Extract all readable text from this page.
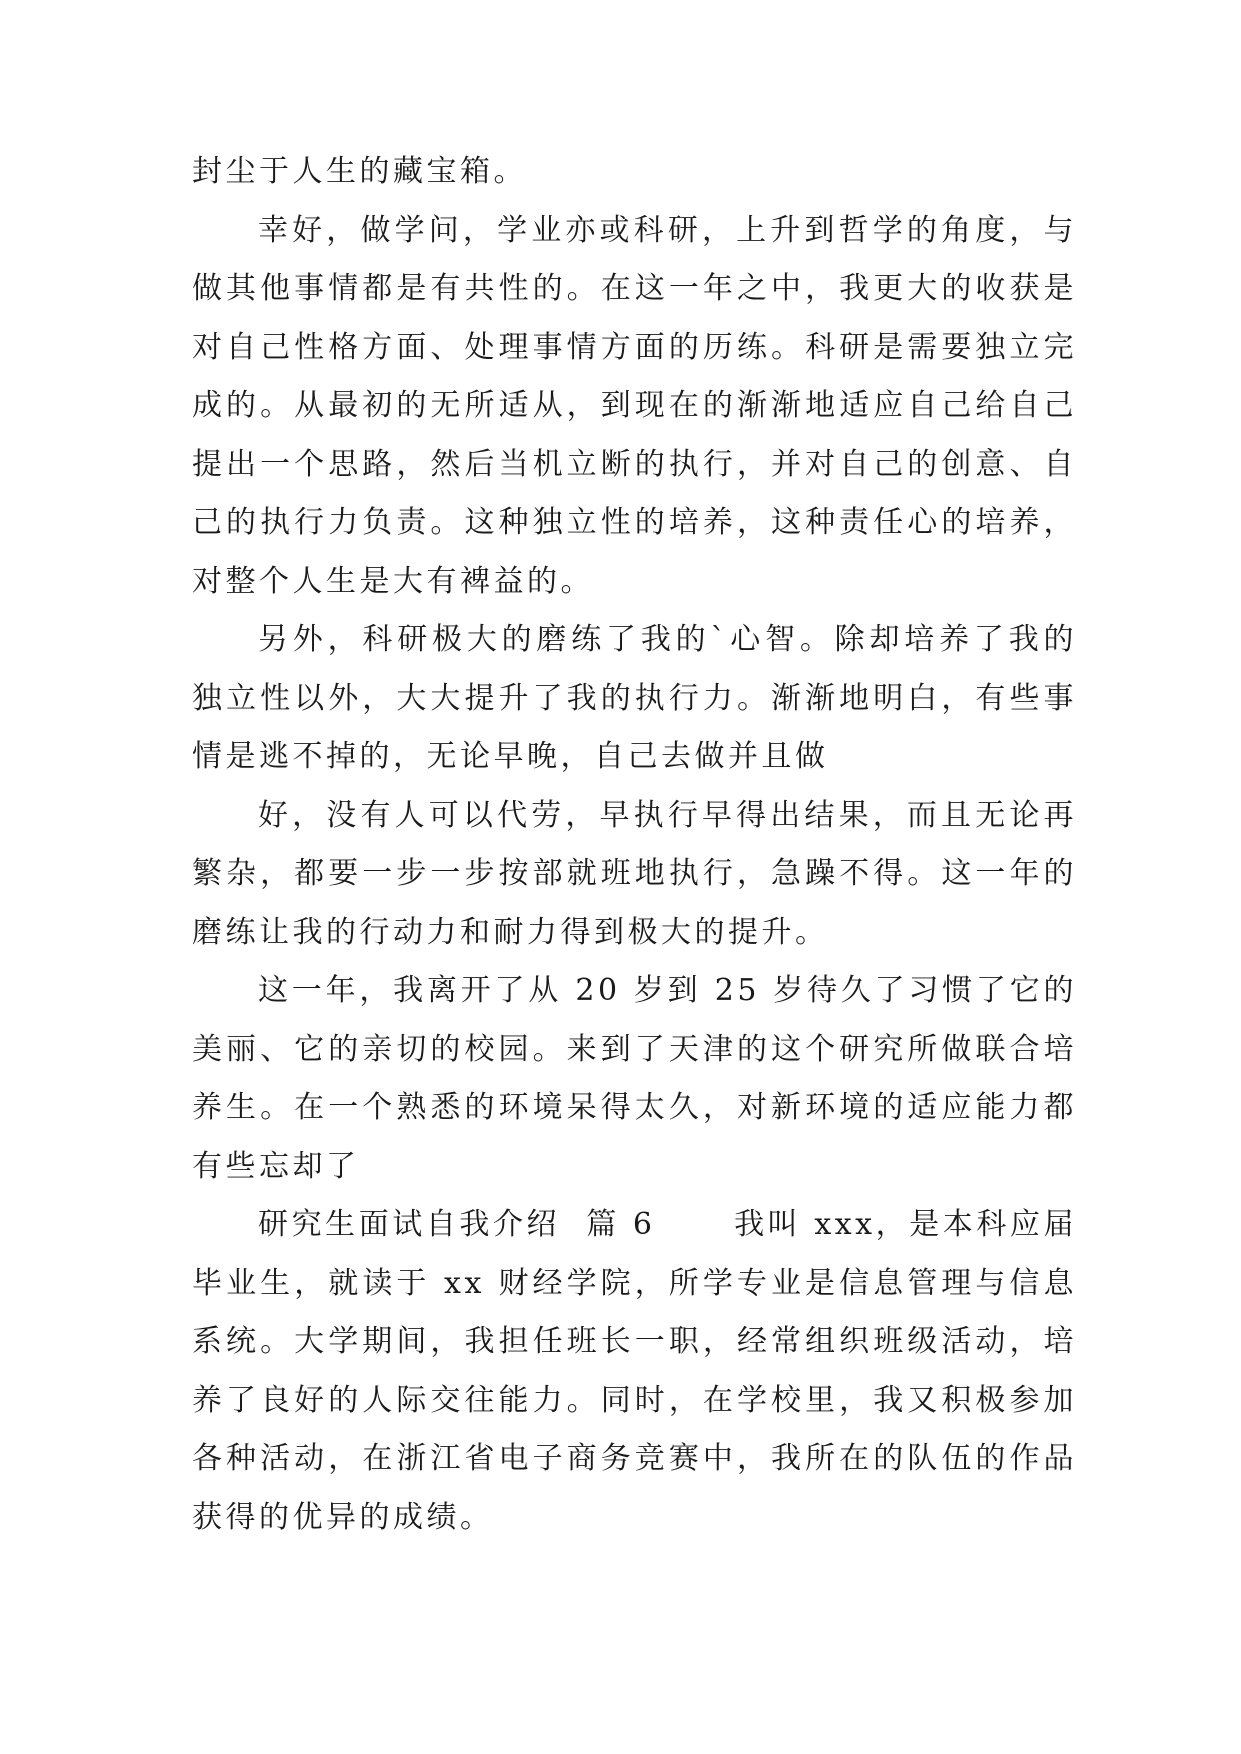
封尘于人生的藏宝箱。

幸好，做学问，学业亦或科研，上升到哲学的角度，与做其他事情都是有共性的。在这一年之中，我更大的收获是对自己性格方面、处理事情方面的历练。科研是需要独立完成的。从最初的无所适从，到现在的渐渐地适应自己给自己提出一个思路，然后当机立断的执行，并对自己的创意、自己的执行力负责。这种独立性的培养，这种责任心的培养，对整个人生是大有裨益的。

另外，科研极大的磨练了我的`心智。除却培养了我的独立性以外，大大提升了我的执行力。渐渐地明白，有些事情是逃不掉的，无论早晚，自己去做并且做

好，没有人可以代劳，早执行早得出结果，而且无论再繁杂，都要一步一步按部就班地执行，急躁不得。这一年的磨练让我的行动力和耐力得到极大的提升。

这一年，我离开了从 20 岁到 25 岁待久了习惯了它的美丽、它的亲切的校园。来到了天津的这个研究所做联合培养生。在一个熟悉的环境呆得太久，对新环境的适应能力都有些忘却了

研究生面试自我介绍  篇 6      我叫 xxx，是本科应届毕业生，就读于 xx 财经学院，所学专业是信息管理与信息系统。大学期间，我担任班长一职，经常组织班级活动，培养了良好的人际交往能力。同时，在学校里，我又积极参加各种活动，在浙江省电子商务竞赛中，我所在的队伍的作品获得的优异的成绩。
